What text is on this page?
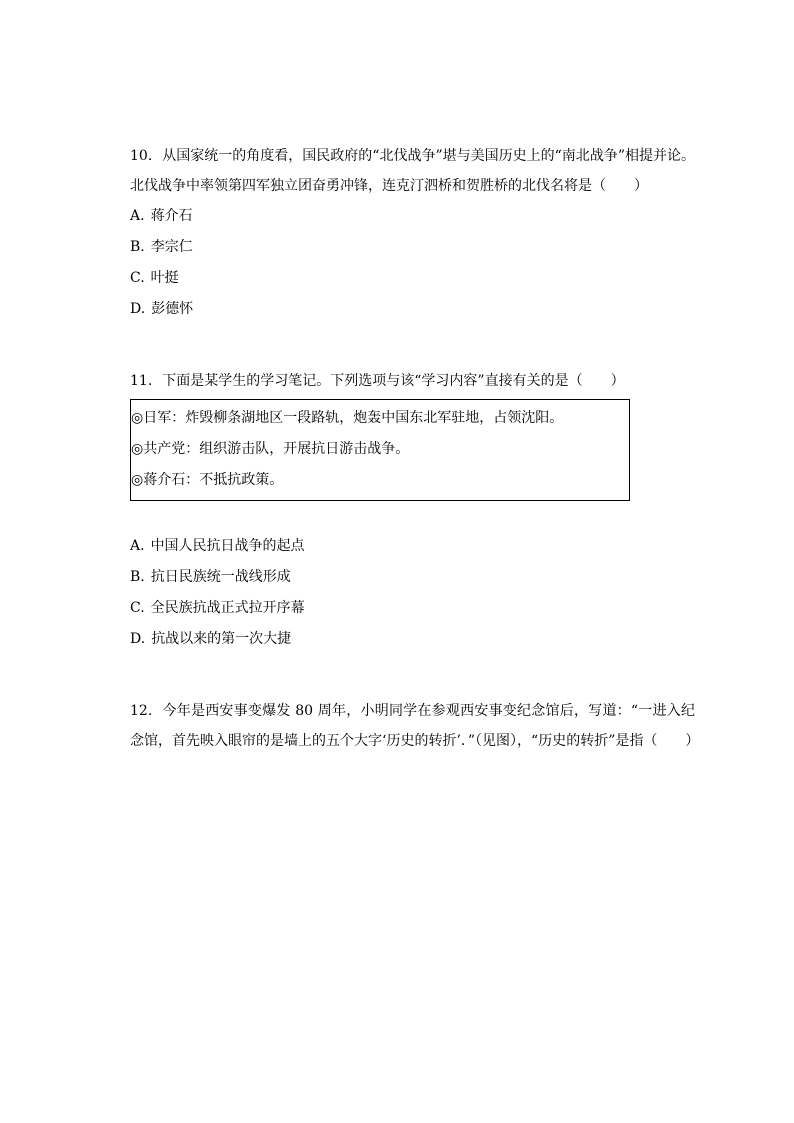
10. 从国家统一的角度看，国民政府的“北伐战争”堪与美国历史上的“南北战争”相提并论。北伐战争中率领第四军独立团奋勇冲锋，连克汀泗桥和贺胜桥的北伐名将是（　　）

A. 蒋介石
B. 李宗仁
C. 叶挺
D. 彭德怀

11. 下面是某学生的学习笔记。下列选项与该“学习内容”直接有关的是（　　）

◎日军：炸毁柳条湖地区一段路轨，炮轰中国东北军驻地，占领沈阳。
◎共产党：组织游击队，开展抗日游击战争。
◎蒋介石：不抵抗政策。
A. 中国人民抗日战争的起点
B. 抗日民族统一战线形成
C. 全民族抗战正式拉开序幕
D. 抗战以来的第一次大捷

12. 今年是西安事变爆发 80 周年，小明同学在参观西安事变纪念馆后，写道：“一进入纪念馆，首先映入眼帘的是墙上的五个大字‘历史的转折’．”（见图），“历史的转折”是指（　　）
